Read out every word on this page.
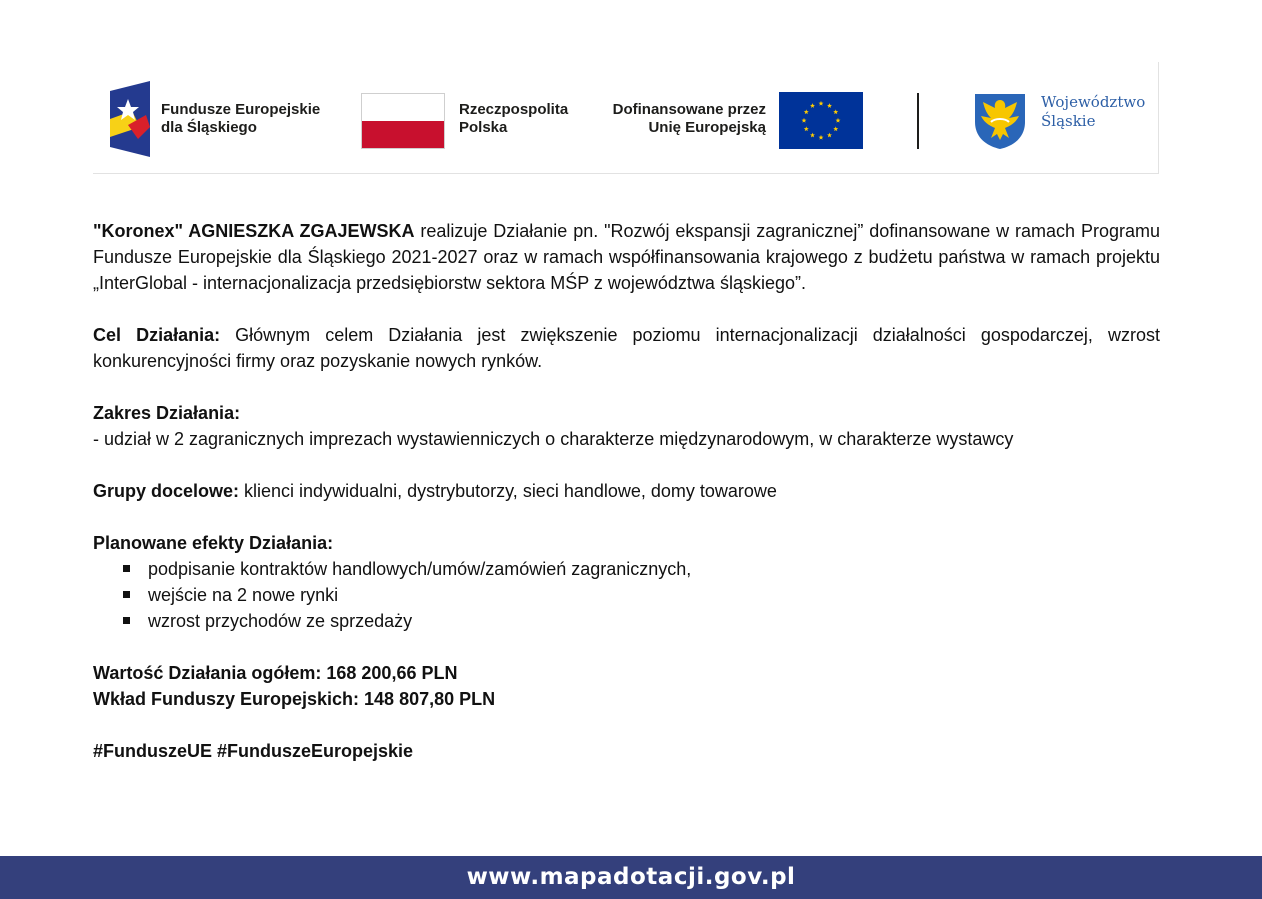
Fundusze Europejskie
dla Śląskiego
Rzeczpospolita
Polska
Dofinansowane przez
Unię Europejską
Województwo
Śląskie

"Koronex" AGNIESZKA ZGAJEWSKA realizuje Działanie pn. "Rozwój ekspansji zagranicznej” dofinansowane w ramach Programu Fundusze Europejskie dla Śląskiego 2021-2027 oraz w ramach współfinansowania krajowego z budżetu państwa w ramach projektu „InterGlobal - internacjonalizacja przedsiębiorstw sektora MŚP z województwa śląskiego”.

Cel Działania: Głównym celem Działania jest zwiększenie poziomu internacjonalizacji działalności gospodarczej, wzrost konkurencyjności firmy oraz pozyskanie nowych rynków.

Zakres Działania:

- udział w 2 zagranicznych imprezach wystawienniczych o charakterze międzynarodowym, w charakterze wystawcy

Grupy docelowe: klienci indywidualni, dystrybutorzy, sieci handlowe, domy towarowe

Planowane efekty Działania:

podpisanie kontraktów handlowych/umów/zamówień zagranicznych,
wejście na 2 nowe rynki
wzrost przychodów ze sprzedaży

Wartość Działania ogółem: 168 200,66 PLN

Wkład Funduszy Europejskich: 148 807,80 PLN

#FunduszeUE #FunduszeEuropejskie

www.mapadotacji.gov.pl
